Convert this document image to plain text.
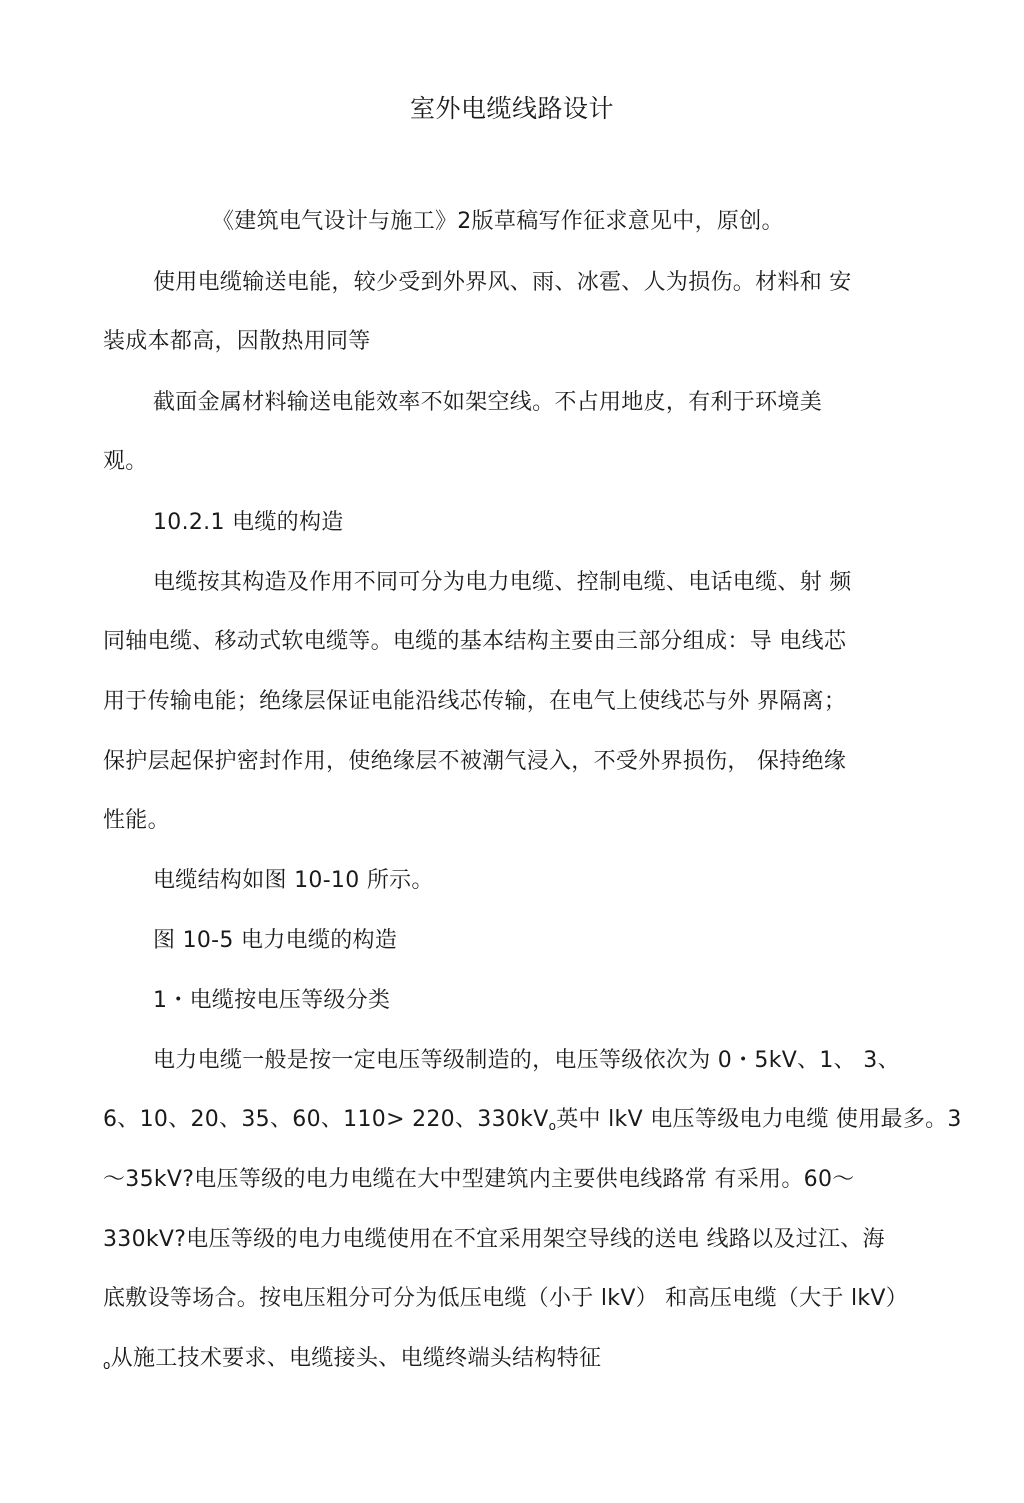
室外电缆线路设计

《建筑电气设计与施工》2版草稿写作征求意见中，原创。

使用电缆输送电能，较少受到外界风、雨、冰雹、人为损伤。材料和 安

装成本都高，因散热用同等

截面金属材料输送电能效率不如架空线。不占用地皮，有利于环境美

观。

10.2.1 电缆的构造

电缆按其构造及作用不同可分为电力电缆、控制电缆、电话电缆、射 频

同轴电缆、移动式软电缆等。电缆的基本结构主要由三部分组成：导 电线芯

用于传输电能；绝缘层保证电能沿线芯传输，在电气上使线芯与外 界隔离；

保护层起保护密封作用，使绝缘层不被潮气浸入，不受外界损伤， 保持绝缘

性能。

电缆结构如图 10-10 所示。

图 10-5 电力电缆的构造

1・电缆按电压等级分类

电力电缆一般是按一定电压等级制造的，电压等级依次为 0・5kV、1、 3、

6、10、20、35、60、110> 220、$330kV_o$英中 lkV 电压等级电力电缆 使用最多。3

～35kV?电压等级的电力电缆在大中型建筑内主要供电线路常 有采用。60～

330kV?电压等级的电力电缆使用在不宜采用架空导线的送电 线路以及过江、海

底敷设等场合。按电压粗分可分为低压电缆（小于 lkV） 和高压电缆（大于 lkV）

$_o$从施工技术要求、电缆接头、电缆终端头结构特征
